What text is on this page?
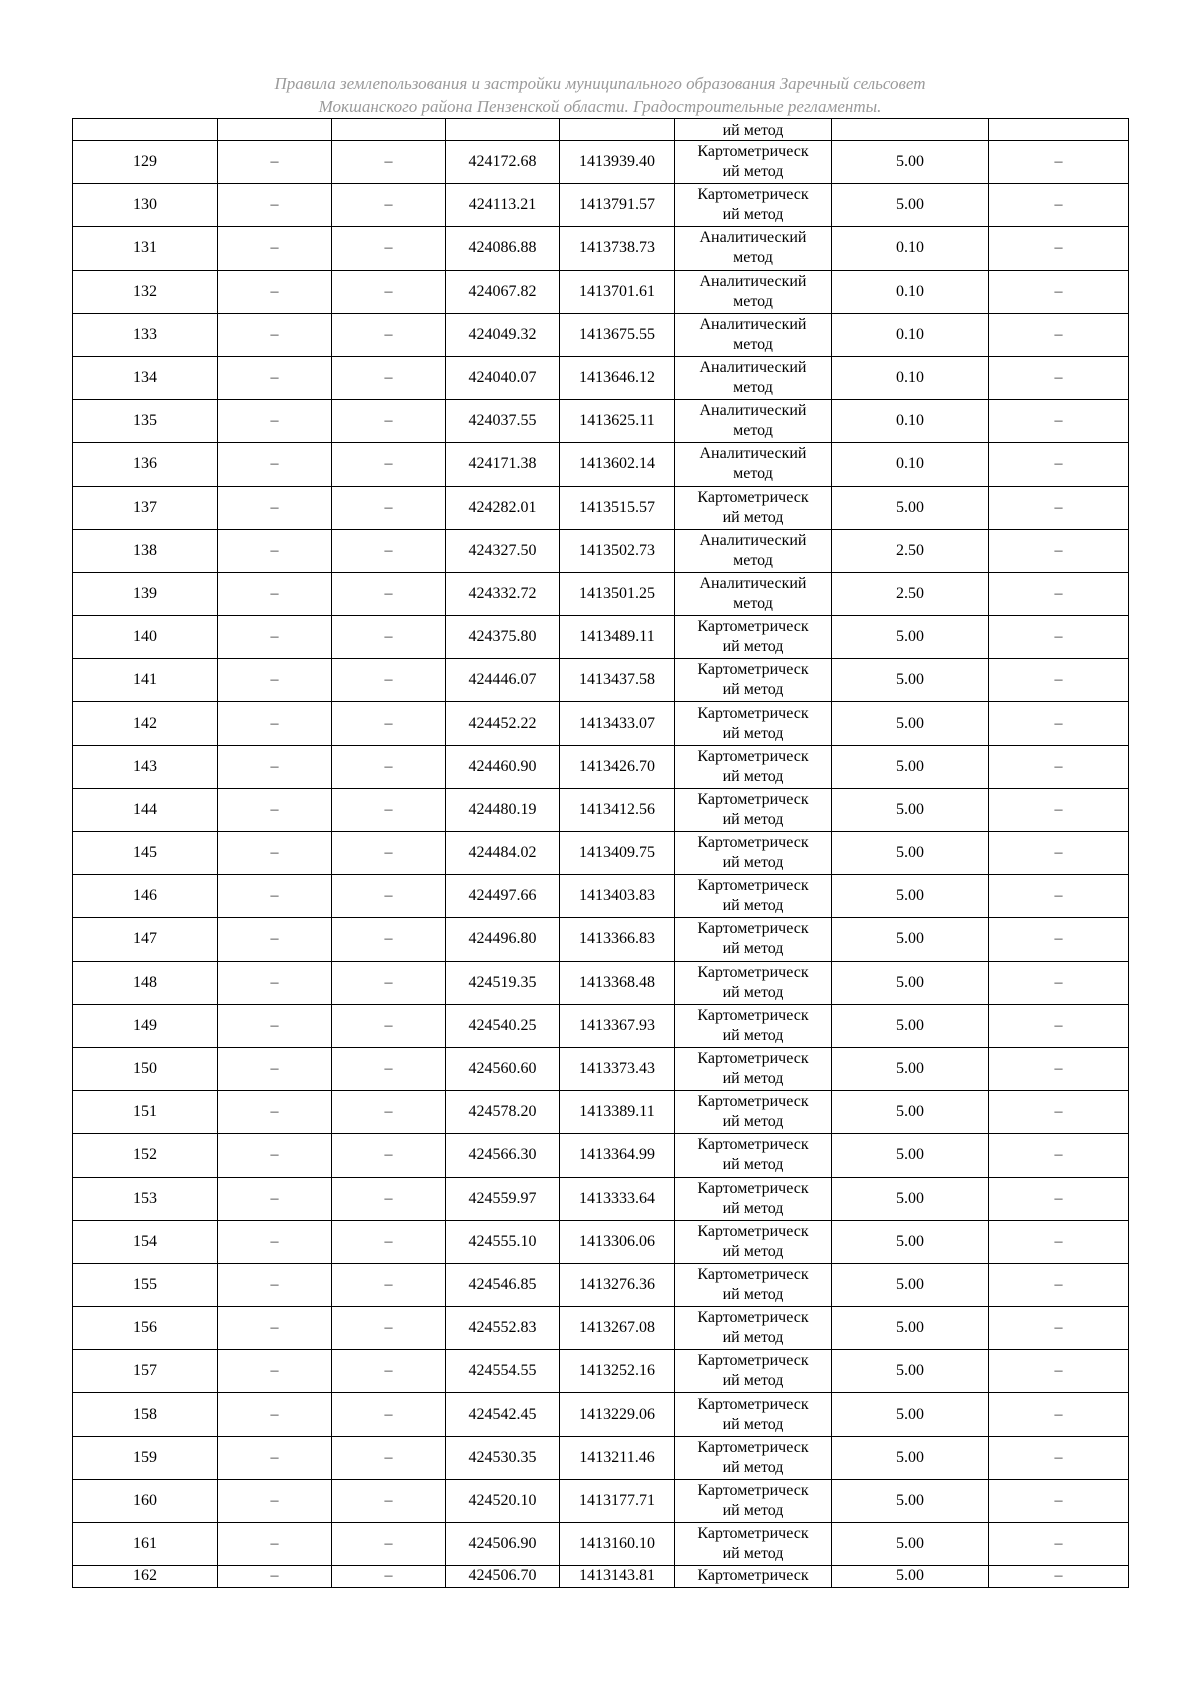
Правила землепользования и застройки муниципального образования Заречный сельсовет
Мокшанского района Пензенской области. Градостроительные регламенты.
					ий метод		
129	–	–	424172.68	1413939.40	Картометрическ
ий метод	5.00	–
130	–	–	424113.21	1413791.57	Картометрическ
ий метод	5.00	–
131	–	–	424086.88	1413738.73	Аналитический
метод	0.10	–
132	–	–	424067.82	1413701.61	Аналитический
метод	0.10	–
133	–	–	424049.32	1413675.55	Аналитический
метод	0.10	–
134	–	–	424040.07	1413646.12	Аналитический
метод	0.10	–
135	–	–	424037.55	1413625.11	Аналитический
метод	0.10	–
136	–	–	424171.38	1413602.14	Аналитический
метод	0.10	–
137	–	–	424282.01	1413515.57	Картометрическ
ий метод	5.00	–
138	–	–	424327.50	1413502.73	Аналитический
метод	2.50	–
139	–	–	424332.72	1413501.25	Аналитический
метод	2.50	–
140	–	–	424375.80	1413489.11	Картометрическ
ий метод	5.00	–
141	–	–	424446.07	1413437.58	Картометрическ
ий метод	5.00	–
142	–	–	424452.22	1413433.07	Картометрическ
ий метод	5.00	–
143	–	–	424460.90	1413426.70	Картометрическ
ий метод	5.00	–
144	–	–	424480.19	1413412.56	Картометрическ
ий метод	5.00	–
145	–	–	424484.02	1413409.75	Картометрическ
ий метод	5.00	–
146	–	–	424497.66	1413403.83	Картометрическ
ий метод	5.00	–
147	–	–	424496.80	1413366.83	Картометрическ
ий метод	5.00	–
148	–	–	424519.35	1413368.48	Картометрическ
ий метод	5.00	–
149	–	–	424540.25	1413367.93	Картометрическ
ий метод	5.00	–
150	–	–	424560.60	1413373.43	Картометрическ
ий метод	5.00	–
151	–	–	424578.20	1413389.11	Картометрическ
ий метод	5.00	–
152	–	–	424566.30	1413364.99	Картометрическ
ий метод	5.00	–
153	–	–	424559.97	1413333.64	Картометрическ
ий метод	5.00	–
154	–	–	424555.10	1413306.06	Картометрическ
ий метод	5.00	–
155	–	–	424546.85	1413276.36	Картометрическ
ий метод	5.00	–
156	–	–	424552.83	1413267.08	Картометрическ
ий метод	5.00	–
157	–	–	424554.55	1413252.16	Картометрическ
ий метод	5.00	–
158	–	–	424542.45	1413229.06	Картометрическ
ий метод	5.00	–
159	–	–	424530.35	1413211.46	Картометрическ
ий метод	5.00	–
160	–	–	424520.10	1413177.71	Картометрическ
ий метод	5.00	–
161	–	–	424506.90	1413160.10	Картометрическ
ий метод	5.00	–
162	–	–	424506.70	1413143.81	Картометрическ	5.00	–
